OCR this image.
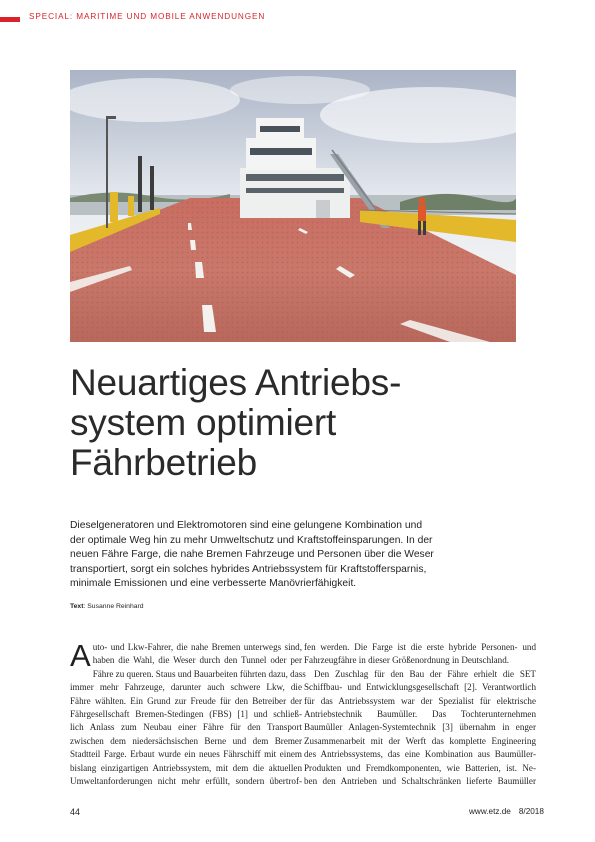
SPECIAL: MARITIME UND MOBILE ANWENDUNGEN
Neuartiges Antriebs-
system optimiert
Fährbetrieb

Dieselgeneratoren und Elektromotoren sind eine gelungene Kombination und
der optimale Weg hin zu mehr Umweltschutz und Kraftstoffeinsparungen. In der
neuen Fähre Farge, die nahe Bremen Fahrzeuge und Personen über die Weser
transportiert, sorgt ein solches hybrides Antriebssystem für Kraftstoffersparnis,
minimale Emissionen und eine verbesserte Manövrierfähigkeit.

Text: Susanne Reinhard
A uto- und Lkw-Fahrer, die nahe Bremen unterwegs sind,
haben die Wahl, die Weser durch den Tunnel oder per
Fähre zu queren. Staus und Bauarbeiten führten dazu, dass
immer mehr Fahrzeuge, darunter auch schwere Lkw, die
Fähre wählten. Ein Grund zur Freude für den Betreiber der
Fährgesellschaft Bremen-Stedingen (FBS) [1] und schließ-
lich Anlass zum Neubau einer Fähre für den Transport
zwischen dem niedersächsischen Berne und dem Bremer
Stadtteil Farge. Erbaut wurde ein neues Fährschiff mit einem
bislang einzigartigen Antriebssystem, mit dem die aktuellen
Umweltanforderungen nicht mehr erfüllt, sondern übertrof-
fen werden. Die Farge ist die erste hybride Personen- und
Fahrzeugfähre in dieser Größenordnung in Deutschland.
Den Zuschlag für den Bau der Fähre erhielt die SET
Schiffbau- und Entwicklungsgesellschaft [2]. Verantwortlich
für das Antriebssystem war der Spezialist für elektrische
Antriebstechnik Baumüller. Das Tochterunternehmen
Baumüller Anlagen-Systemtechnik [3] übernahm in enger
Zusammenarbeit mit der Werft das komplette Engineering
des Antriebssystems, das eine Kombination aus Baumüller-
Produkten und Fremdkomponenten, wie Batterien, ist. Ne-
ben den Antrieben und Schaltschränken lieferte Baumüller
44	www.etz.de 8/2018
